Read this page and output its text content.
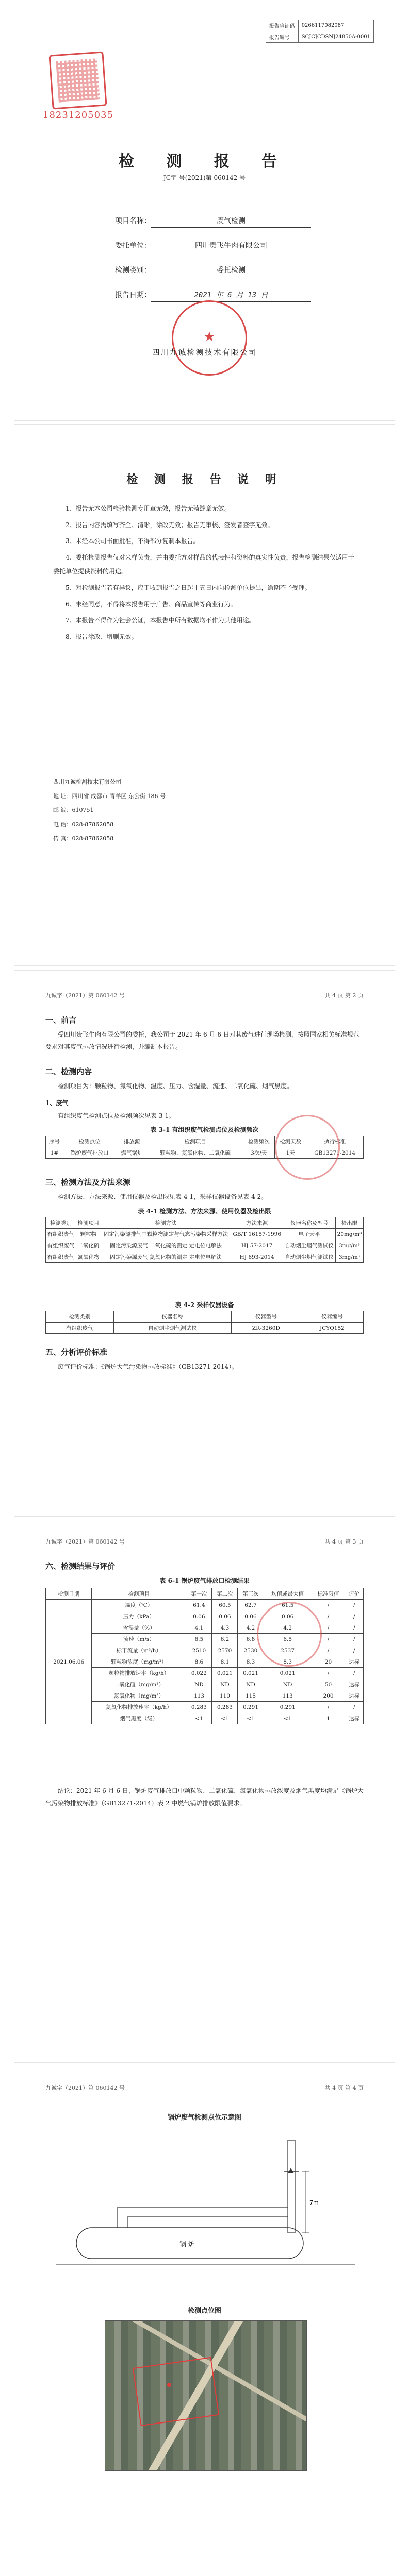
报告验证码	0266117082087
报告编号	SCJCJCDSNJ24850A-0001
18231205035
检 测 报 告
JC字 号(2021)第 060142 号
项目名称：	废气检测
委托单位：	四川贵飞牛肉有限公司
检测类别：	委托检测
报告日期：	2021 年 6 月 13 日
★
四川九诚检测技术有限公司
检 测 报 告 说 明

1、报告无本公司检验检测专用章无效，报告无骑缝章无效。

2、报告内容需填写齐全、清晰，涂改无效；报告无审核、签发者签字无效。

3、未经本公司书面批准，不得部分复制本报告。

4、委托检测报告仅对来样负责，并由委托方对样品的代表性和资料的真实性负责，报告检测结果仅适用于委托单位提供资料的用途。

5、对检测报告若有异议，应于收到报告之日起十五日内向检测单位提出，逾期不予受理。

6、未经同意，不得将本报告用于广告、商品宣传等商业行为。

7、本报告不得作为社会公证，本报告中所有数据均不作为其他用途。

8、报告涂改、增删无效。

四川九诚检测技术有限公司
地 址：四川省 成都市 青羊区 东公街 186 号
邮 编：610751
电 话：028-87862058
传 真：028-87862058
九诚字（2021）第 060142 号	共 4 页 第 2 页
一、前言
受四川贵飞牛肉有限公司的委托，我公司于 2021 年 6 月 6 日对其废气进行现场检测，按照国家相关标准规范要求对其废气排放情况进行检测，并编制本报告。
二、检测内容
检测项目为：颗粒物、氮氧化物、温度、压力、含湿量、流速、二氧化硫、烟气黑度。
1、废气
有组织废气检测点位及检测频次见表 3-1。
表 3-1 有组织废气检测点位及检测频次
序号	检测点位	排放源	检测项目	检测频次	检测天数	执行标准
1#	锅炉废气排放口	燃气锅炉	颗粒物、氮氧化物、二氧化硫	3次/天	1天	GB13271-2014
三、检测方法及方法来源
检测方法、方法来源、使用仪器及检出限见表 4-1，采样仪器设备见表 4-2。
表 4-1 检测方法、方法来源、使用仪器及检出限
检测类别	检测项目	检测方法	方法来源	仪器名称及型号	检出限
有组织废气	颗粒物	固定污染源排气中颗粒物测定与气态污染物采样方法	GB/T 16157-1996	电子天平	20mg/m³
有组织废气	二氧化硫	固定污染源废气 二氧化硫的测定 定电位电解法	HJ 57-2017	自动烟尘烟气测试仪	3mg/m³
有组织废气	氮氧化物	固定污染源废气 氮氧化物的测定 定电位电解法	HJ 693-2014	自动烟尘烟气测试仪	3mg/m³
表 4-2 采样仪器设备
检测类别	仪器名称	仪器型号	仪器编号
有组织废气	自动烟尘烟气测试仪	ZR-3260D	JCYQ152
五、分析评价标准
废气评价标准：《锅炉大气污染物排放标准》（GB13271-2014）。
九诚字（2021）第 060142 号	共 4 页 第 3 页
六、检测结果与评价
表 6-1 锅炉废气排放口检测结果
检测日期	检测项目	第一次	第二次	第三次	均值或最大值	标准限值	评价
2021.06.06	温度（℃）	61.4	60.5	62.7	61.5	/	/
	压力（kPa）	0.06	0.06	0.06	0.06	/	/
	含湿量（%）	4.1	4.3	4.2	4.2	/	/
	流速（m/s）	6.5	6.2	6.8	6.5	/	/
	标干流量（m³/h）	2510	2570	2530	2537	/	/
	颗粒物浓度（mg/m³）	8.6	8.1	8.3	8.3	20	达标
	颗粒物排放速率（kg/h）	0.022	0.021	0.021	0.021	/	/
	二氧化硫（mg/m³）	ND	ND	ND	ND	50	达标
	氮氧化物（mg/m³）	113	110	115	113	200	达标
	氮氧化物排放速率（kg/h）	0.283	0.283	0.291	0.291	/	/
	烟气黑度（级）	<1	<1	<1	<1	1	达标
结论：2021 年 6 月 6 日，锅炉废气排放口中颗粒物、二氧化硫、氮氧化物排放浓度及烟气黑度均满足《锅炉大气污染物排放标准》（GB13271-2014）表 2 中燃气锅炉排放限值要求。
九诚字（2021）第 060142 号	共 4 页 第 4 页
锅炉废气检测点位示意图
7m
锅 炉
检测点位图
